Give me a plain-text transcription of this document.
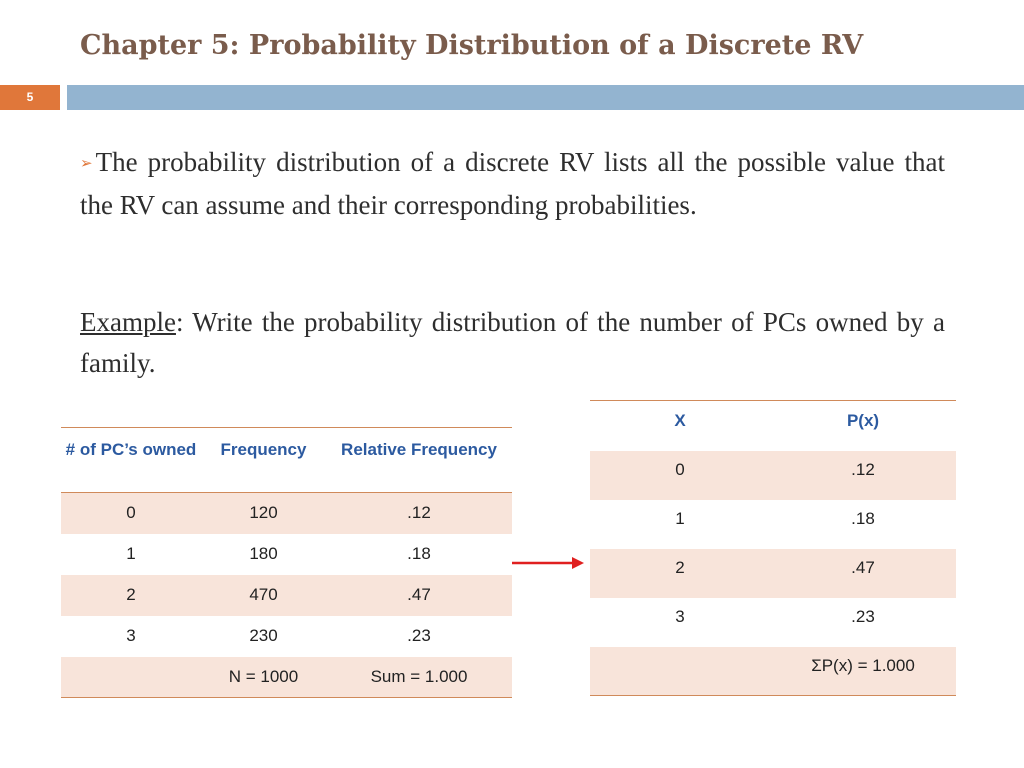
Chapter 5: Probability Distribution of a Discrete RV
5

➢ The probability distribution of a discrete RV lists all the possible value that the RV can assume and their corresponding probabilities.

Example: Write the probability distribution of the number of PCs owned by a family.

# of PC’s owned	Frequency	Relative Frequency
0	120	.12
1	180	.18
2	470	.47
3	230	.23
	N = 1000	Sum = 1.000
X	P(x)
0	.12
1	.18
2	.47
3	.23
	ΣP(x) = 1.000
